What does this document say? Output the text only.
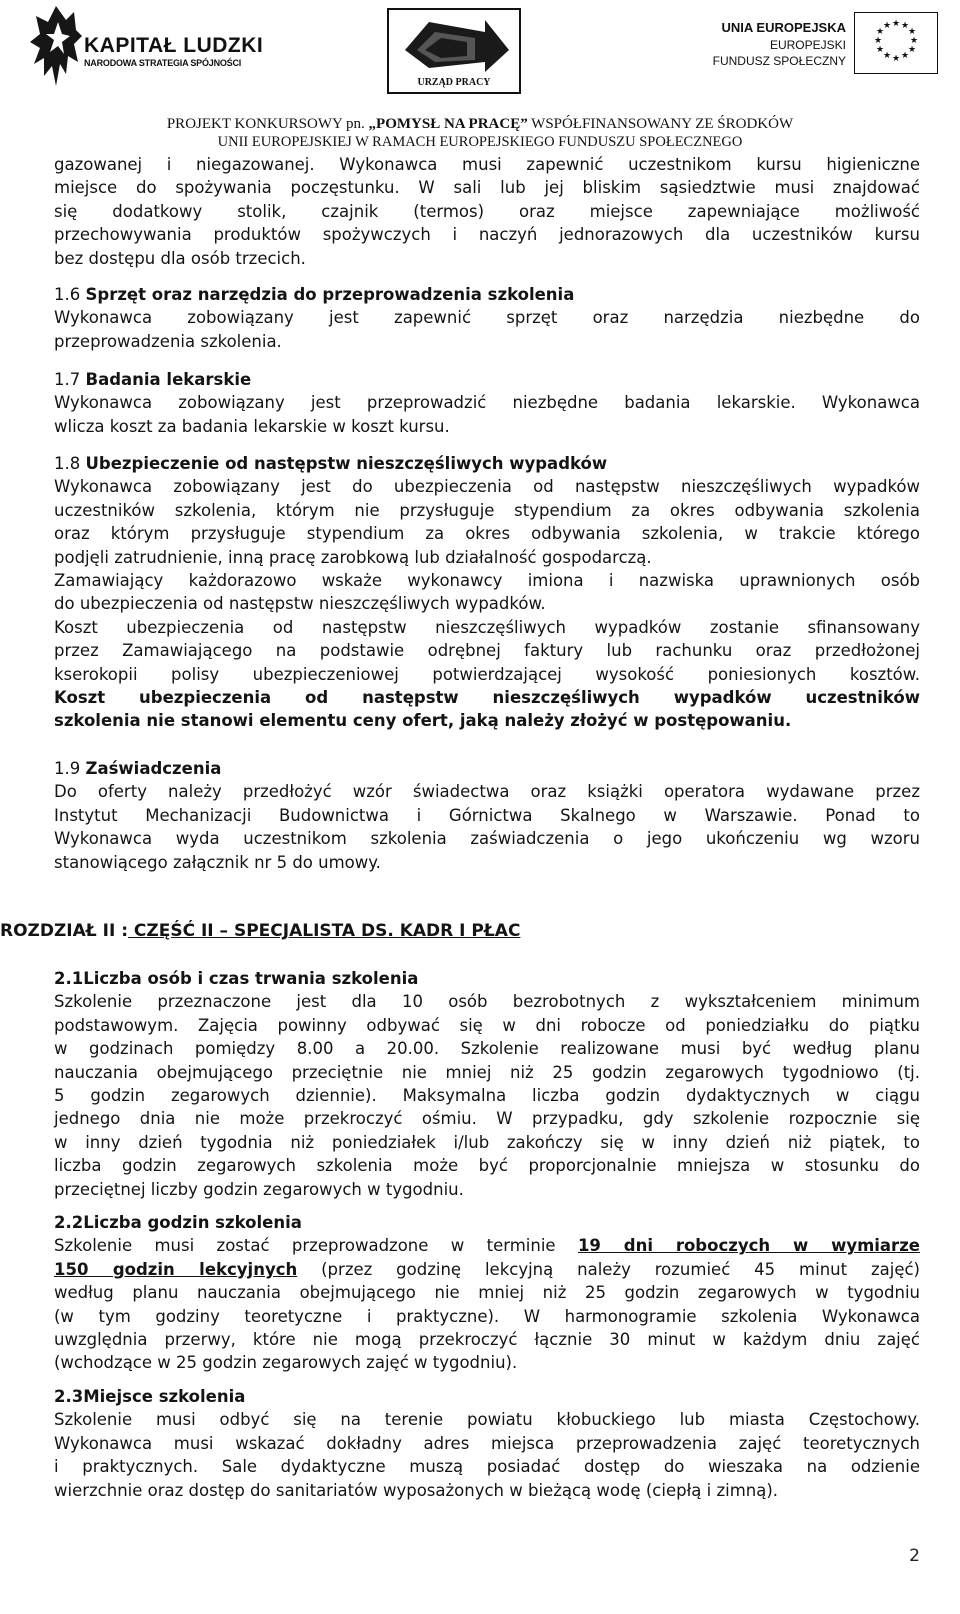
KAPITAŁ LUDZKI
NARODOWA STRATEGIA SPÓJNOŚCI
URZĄD PRACY
UNIA EUROPEJSKA
EUROPEJSKI
FUNDUSZ SPOŁECZNY
★ ★
★
★
★
★
★
★
★
★
★
★
PROJEKT KONKURSOWY pn. „POMYSŁ NA PRACĘ” WSPÓŁFINANSOWANY ZE ŚRODKÓW
UNII EUROPEJSKIEJ W RAMACH EUROPEJSKIEGO FUNDUSZU SPOŁECZNEGO
gazowanej i niegazowanej. Wykonawca musi zapewnić uczestnikom kursu higieniczne
miejsce do spożywania poczęstunku. W sali lub jej bliskim sąsiedztwie musi znajdować
się dodatkowy stolik, czajnik (termos) oraz miejsce zapewniające możliwość
przechowywania produktów spożywczych i naczyń jednorazowych dla uczestników kursu
bez dostępu dla osób trzecich.
1.6 Sprzęt oraz narzędzia do przeprowadzenia szkolenia
Wykonawca zobowiązany jest zapewnić sprzęt oraz narzędzia niezbędne do
przeprowadzenia szkolenia.
1.7 Badania lekarskie
Wykonawca zobowiązany jest przeprowadzić niezbędne badania lekarskie. Wykonawca
wlicza koszt za badania lekarskie w koszt kursu.
1.8 Ubezpieczenie od następstw nieszczęśliwych wypadków
Wykonawca zobowiązany jest do ubezpieczenia od następstw nieszczęśliwych wypadków
uczestników szkolenia, którym nie przysługuje stypendium za okres odbywania szkolenia
oraz którym przysługuje stypendium za okres odbywania szkolenia, w trakcie którego
podjęli zatrudnienie, inną pracę zarobkową lub działalność gospodarczą.
Zamawiający każdorazowo wskaże wykonawcy imiona i nazwiska uprawnionych osób
do ubezpieczenia od następstw nieszczęśliwych wypadków.
Koszt ubezpieczenia od następstw nieszczęśliwych wypadków zostanie sfinansowany
przez Zamawiającego na podstawie odrębnej faktury lub rachunku oraz przedłożonej
kserokopii polisy ubezpieczeniowej potwierdzającej wysokość poniesionych kosztów.
Koszt ubezpieczenia od następstw nieszczęśliwych wypadków uczestników
szkolenia nie stanowi elementu ceny ofert, jaką należy złożyć w postępowaniu.
1.9 Zaświadczenia
Do oferty należy przedłożyć wzór świadectwa oraz książki operatora wydawane przez
Instytut Mechanizacji Budownictwa i Górnictwa Skalnego w Warszawie. Ponad to
Wykonawca wyda uczestnikom szkolenia zaświadczenia o jego ukończeniu wg wzoru
stanowiącego załącznik nr 5 do umowy.
ROZDZIAŁ II : CZĘŚĆ II – SPECJALISTA DS. KADR I PŁAC
2.1Liczba osób i czas trwania szkolenia
Szkolenie przeznaczone jest dla 10 osób bezrobotnych z wykształceniem minimum
podstawowym. Zajęcia powinny odbywać się w dni robocze od poniedziałku do piątku
w godzinach pomiędzy 8.00 a 20.00. Szkolenie realizowane musi być według planu
nauczania obejmującego przeciętnie nie mniej niż 25 godzin zegarowych tygodniowo (tj.
5 godzin zegarowych dziennie). Maksymalna liczba godzin dydaktycznych w ciągu
jednego dnia nie może przekroczyć ośmiu. W przypadku, gdy szkolenie rozpocznie się
w inny dzień tygodnia niż poniedziałek i/lub zakończy się w inny dzień niż piątek, to
liczba godzin zegarowych szkolenia może być proporcjonalnie mniejsza w stosunku do
przeciętnej liczby godzin zegarowych w tygodniu.
2.2Liczba godzin szkolenia
Szkolenie musi zostać przeprowadzone w terminie 19 dni roboczych w wymiarze
150 godzin lekcyjnych (przez godzinę lekcyjną należy rozumieć 45 minut zajęć)
według planu nauczania obejmującego nie mniej niż 25 godzin zegarowych w tygodniu
(w tym godziny teoretyczne i praktyczne). W harmonogramie szkolenia Wykonawca
uwzględnia przerwy, które nie mogą przekroczyć łącznie 30 minut w każdym dniu zajęć
(wchodzące w 25 godzin zegarowych zajęć w tygodniu).
2.3Miejsce szkolenia
Szkolenie musi odbyć się na terenie powiatu kłobuckiego lub miasta Częstochowy.
Wykonawca musi wskazać dokładny adres miejsca przeprowadzenia zajęć teoretycznych
i praktycznych. Sale dydaktyczne muszą posiadać dostęp do wieszaka na odzienie
wierzchnie oraz dostęp do sanitariatów wyposażonych w bieżącą wodę (ciepłą i zimną).
2
